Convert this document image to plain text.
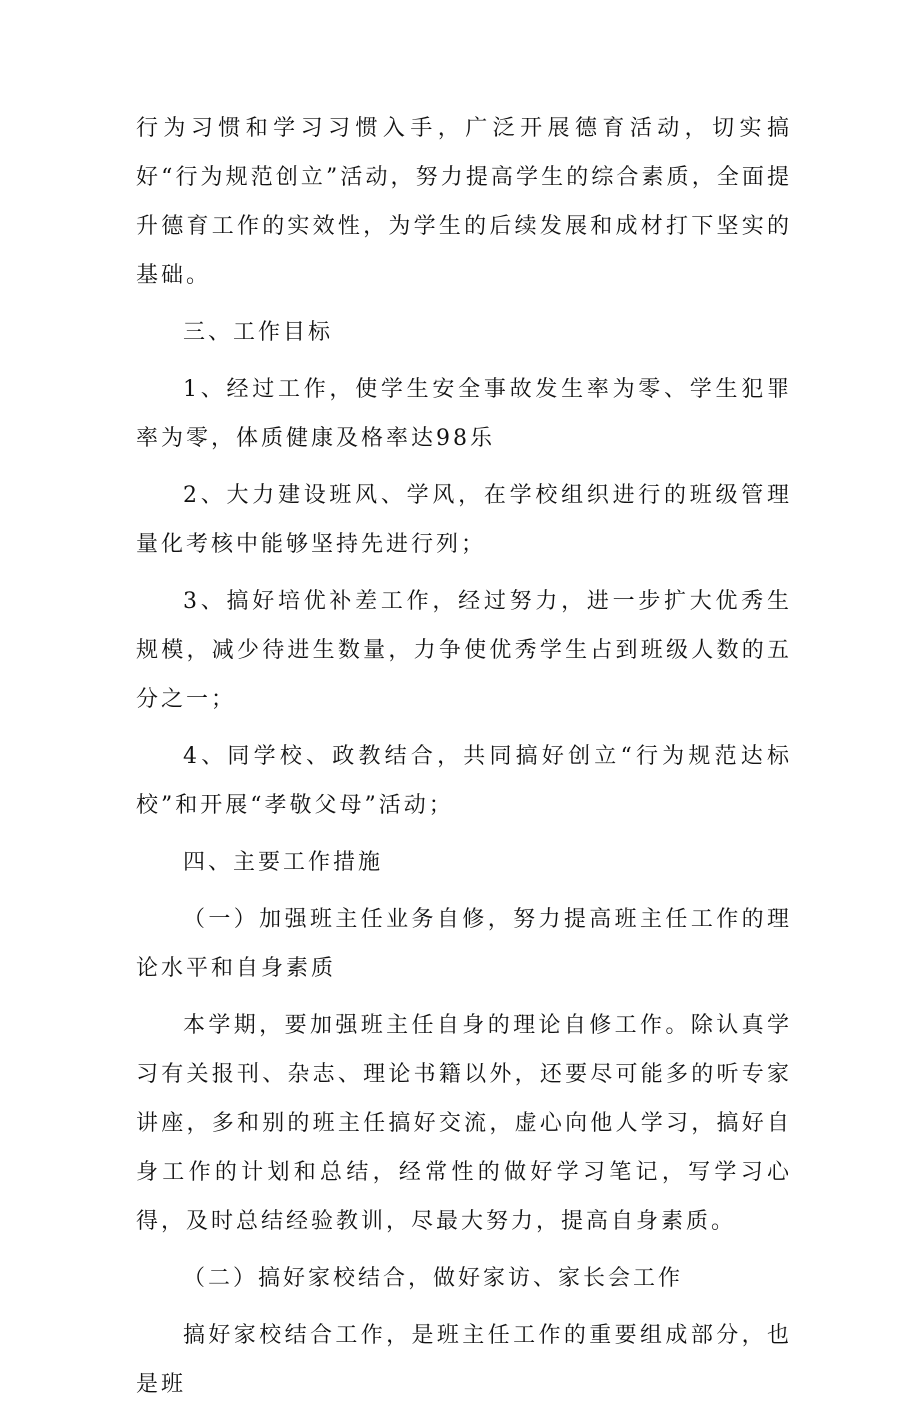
行为习惯和学习习惯入手，广泛开展德育活动，切实搞好“行为规范创立”活动，努力提高学生的综合素质，全面提升德育工作的实效性，为学生的后续发展和成材打下坚实的基础。

三、工作目标

1、经过工作，使学生安全事故发生率为零、学生犯罪率为零，体质健康及格率达98乐

2、大力建设班风、学风，在学校组织进行的班级管理量化考核中能够坚持先进行列；

3、搞好培优补差工作，经过努力，进一步扩大优秀生规模，减少待进生数量，力争使优秀学生占到班级人数的五分之一；

4、同学校、政教结合，共同搞好创立“行为规范达标校”和开展“孝敬父母”活动；

四、主要工作措施

（一）加强班主任业务自修，努力提高班主任工作的理论水平和自身素质

本学期，要加强班主任自身的理论自修工作。除认真学习有关报刊、杂志、理论书籍以外，还要尽可能多的听专家讲座，多和别的班主任搞好交流，虚心向他人学习，搞好自身工作的计划和总结，经常性的做好学习笔记，写学习心得，及时总结经验教训，尽最大努力，提高自身素质。

（二）搞好家校结合，做好家访、家长会工作

搞好家校结合工作，是班主任工作的重要组成部分，也是班
